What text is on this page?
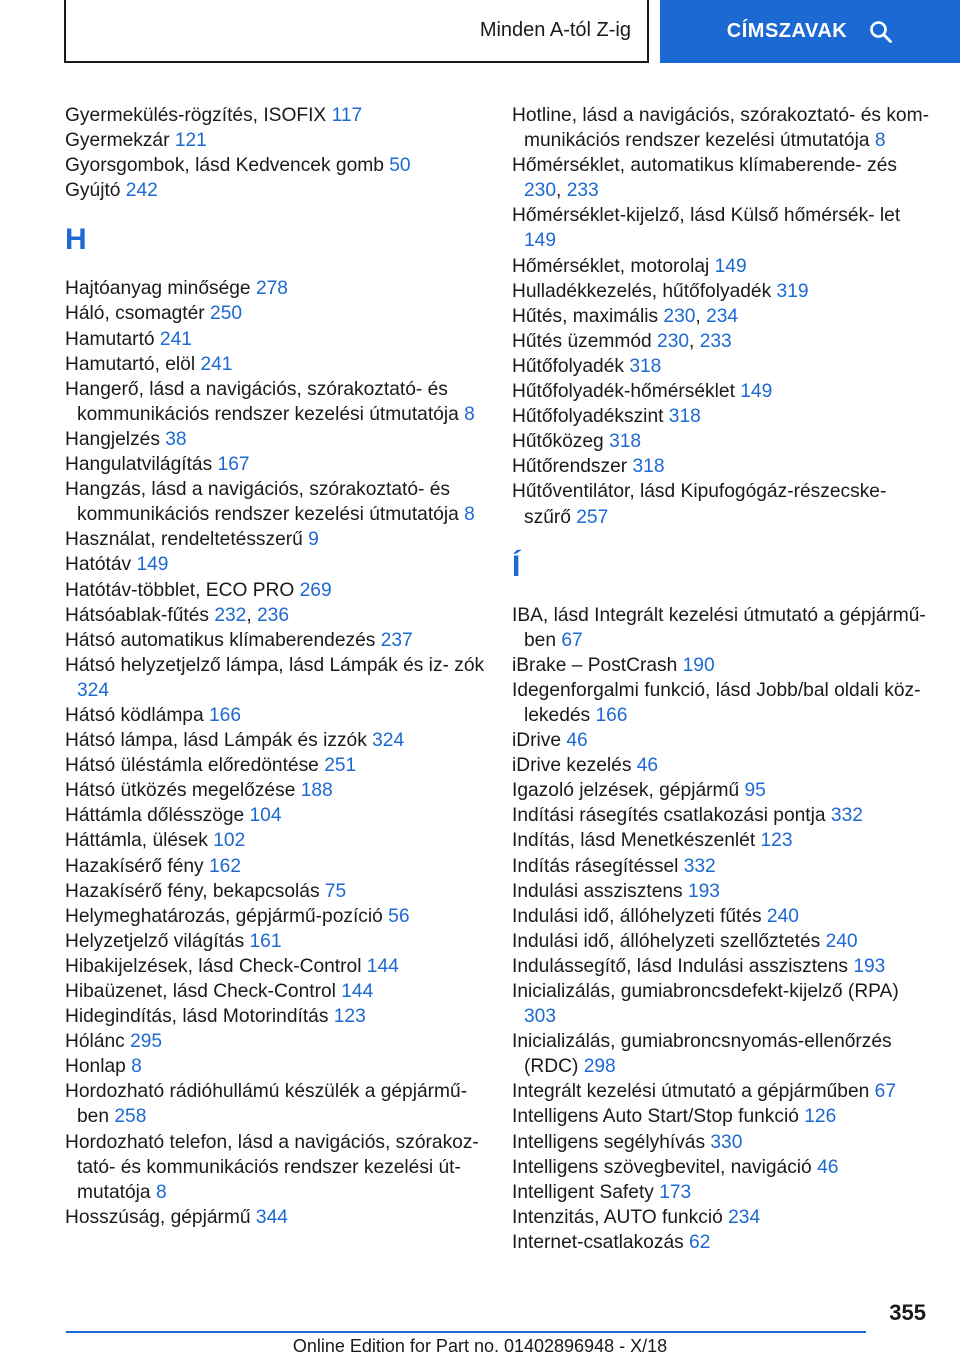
Minden A-tól Z-ig	CÍMSZAVAK
Gyermekülés-rögzítés, ISOFIX 117
Gyermekzár 121
Gyorsgombok, lásd Kedvencek gomb 50
Gyújtó 242
H
Hajtóanyag minősége 278
Háló, csomagtér 250
Hamutartó 241
Hamutartó, elöl 241
Hangerő, lásd a navigációs, szórakoztató- és kommunikációs rendszer kezelési útmutatója 8
Hangjelzés 38
Hangulatvilágítás 167
Hangzás, lásd a navigációs, szórakoztató- és kommunikációs rendszer kezelési útmutatója 8
Használat, rendeltetésszerű 9
Hatótáv 149
Hatótáv-többlet, ECO PRO 269
Hátsóablak-fűtés 232, 236
Hátsó automatikus klímaberendezés 237
Hátsó helyzetjelző lámpa, lásd Lámpák és iz‐ zók 324
Hátsó ködlámpa 166
Hátsó lámpa, lásd Lámpák és izzók 324
Hátsó üléstámla előredöntése 251
Hátsó ütközés megelőzése 188
Háttámla dőlésszöge 104
Háttámla, ülések 102
Hazakísérő fény 162
Hazakísérő fény, bekapcsolás 75
Helymeghatározás, gépjármű-pozíció 56
Helyzetjelző világítás 161
Hibakijelzések, lásd Check-Control 144
Hibaüzenet, lásd Check-Control 144
Hidegindítás, lásd Motorindítás 123
Hólánc 295
Honlap 8
Hordozható rádióhullámú készülék a gépjármű‐ ben 258
Hordozható telefon, lásd a navigációs, szórakoz‐ tató- és kommunikációs rendszer kezelési út‐ mutatója 8
Hosszúság, gépjármű 344
Hotline, lásd a navigációs, szórakoztató- és kom‐ munikációs rendszer kezelési útmutatója 8
Hőmérséklet, automatikus klímaberende‐ zés 230, 233
Hőmérséklet-kijelző, lásd Külső hőmérsék‐ let 149
Hőmérséklet, motorolaj 149
Hulladékkezelés, hűtőfolyadék 319
Hűtés, maximális 230, 234
Hűtés üzemmód 230, 233
Hűtőfolyadék 318
Hűtőfolyadék-hőmérséklet 149
Hűtőfolyadékszint 318
Hűtőközeg 318
Hűtőrendszer 318
Hűtőventilátor, lásd Kipufogógáz-részecske‐ szűrő 257
Í
IBA, lásd Integrált kezelési útmutató a gépjármű‐ ben 67
iBrake – PostCrash 190
Idegenforgalmi funkció, lásd Jobb/bal oldali köz‐ lekedés 166
iDrive 46
iDrive kezelés 46
Igazoló jelzések, gépjármű 95
Indítási rásegítés csatlakozási pontja 332
Indítás, lásd Menetkészenlét 123
Indítás rásegítéssel 332
Indulási asszisztens 193
Indulási idő, állóhelyzeti fűtés 240
Indulási idő, állóhelyzeti szellőztetés 240
Indulássegítő, lásd Indulási asszisztens 193
Inicializálás, gumiabroncsdefekt-kijelző (RPA) 303
Inicializálás, gumiabroncsnyomás-ellenőrzés (RDC) 298
Integrált kezelési útmutató a gépjárműben 67
Intelligens Auto Start/Stop funkció 126
Intelligens segélyhívás 330
Intelligens szövegbevitel, navigáció 46
Intelligent Safety 173
Intenzitás, AUTO funkció 234
Internet-csatlakozás 62
355
Online Edition for Part no. 01402896948 - X/18
